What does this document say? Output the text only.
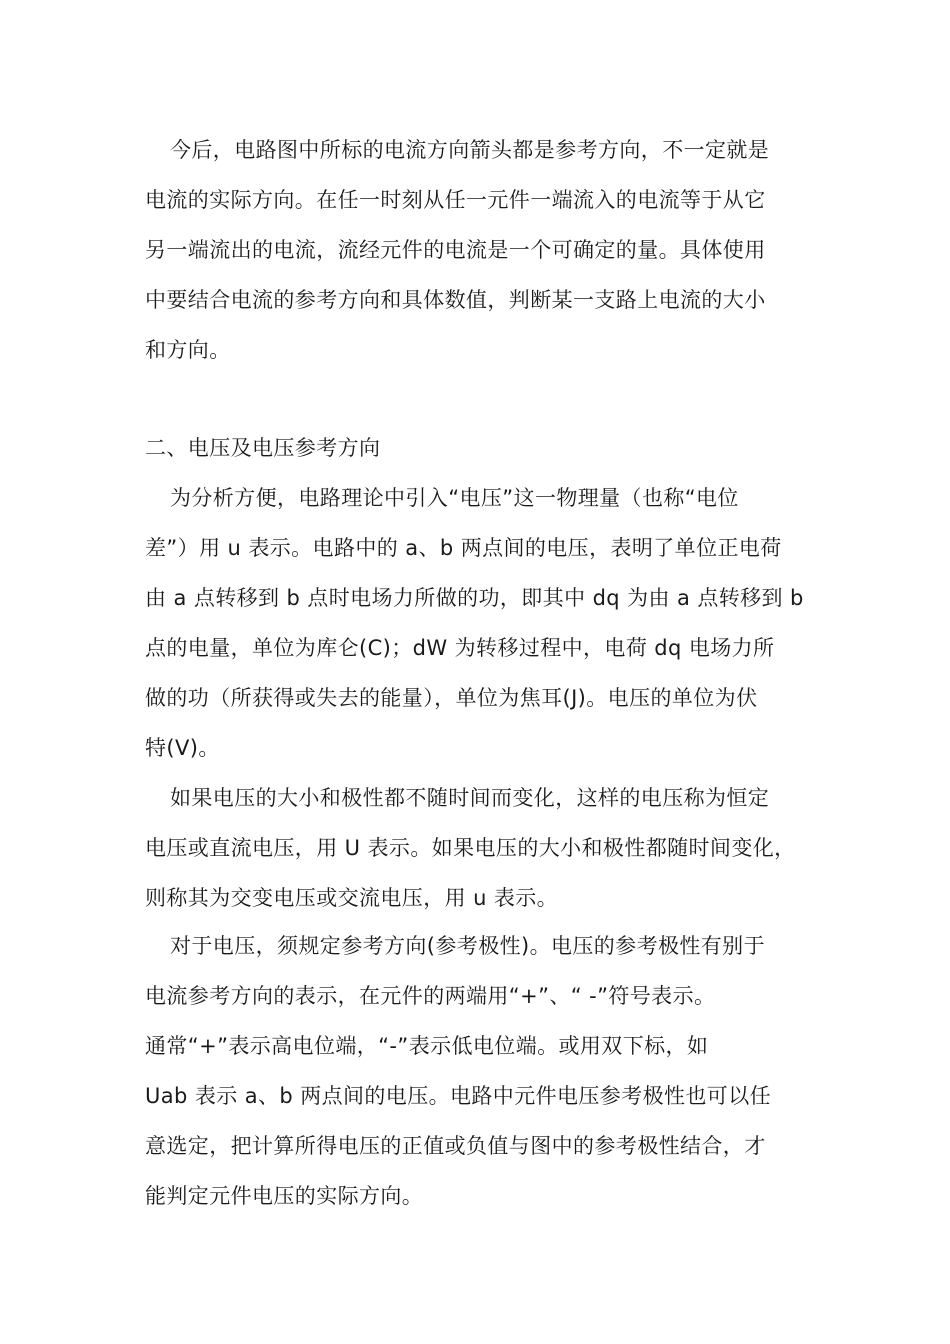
今后，电路图中所标的电流方向箭头都是参考方向，不一定就是
电流的实际方向。在任一时刻从任一元件一端流入的电流等于从它
另一端流出的电流，流经元件的电流是一个可确定的量。具体使用
中要结合电流的参考方向和具体数值，判断某一支路上电流的大小
和方向。
二、电压及电压参考方向
为分析方便，电路理论中引入“电压”这一物理量（也称“电位
差”）用 u 表示。电路中的 a、b 两点间的电压，表明了单位正电荷
由 a 点转移到 b 点时电场力所做的功，即其中 dq 为由 a 点转移到 b
点的电量，单位为库仑(C)；dW 为转移过程中，电荷 dq 电场力所
做的功（所获得或失去的能量），单位为焦耳(J)。电压的单位为伏
特(V)。
如果电压的大小和极性都不随时间而变化，这样的电压称为恒定
电压或直流电压，用 U 表示。如果电压的大小和极性都随时间变化，
则称其为交变电压或交流电压，用 u 表示。
对于电压，须规定参考方向(参考极性)。电压的参考极性有别于
电流参考方向的表示，在元件的两端用“+”、“ -”符号表示。
通常“+”表示高电位端，“-”表示低电位端。或用双下标，如
Uab 表示 a、b 两点间的电压。电路中元件电压参考极性也可以任
意选定，把计算所得电压的正值或负值与图中的参考极性结合，才
能判定元件电压的实际方向。
